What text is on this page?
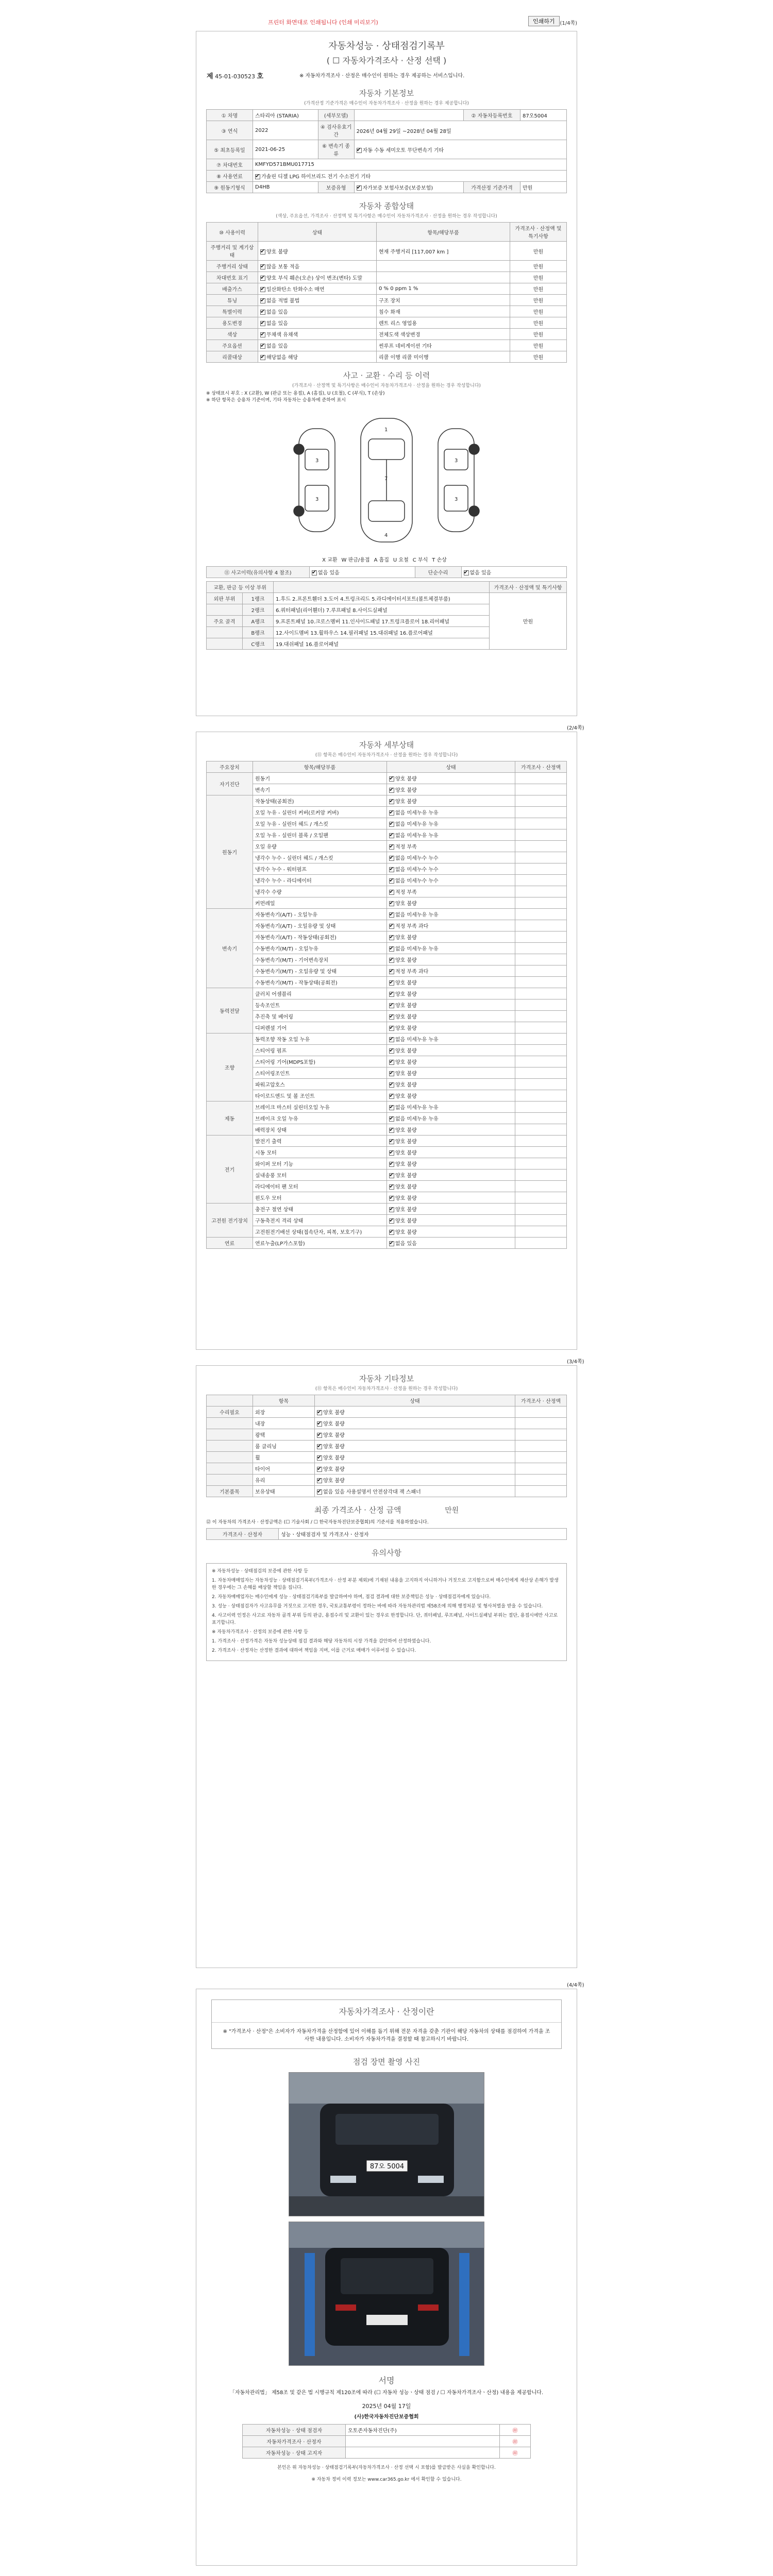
프린터 화면대로 인쇄됩니다 (인쇄 미리보기)	인쇄하기 (1/4쪽)
자동차성능 · 상태점검기록부
( ☐ 자동차가격조사 · 산정 선택 )
제 45-01-030523 호	※ 자동차가격조사 · 산정은 매수인이 원하는 경우 제공하는 서비스입니다.
자동차 기본정보
(가격산정 기준가격은 매수인이 자동차가격조사 · 산정을 원하는 경우 제공합니다)
① 차명	스타리아 (STARIA)	(세부모델)		② 자동차등록번호	87오5004
③ 연식	2022	④ 검사유효기간	2026년 04월 29일 ~2028년 04월 28일		
⑤ 최초등록일	2021-06-25	⑥ 변속기 종류	✔자동 수동 세미오토 무단변속기 기타
⑦ 차대번호	KMFYD571BMU017715				
⑧ 사용연료	✔가솔린 디젤 LPG 하이브리드 전기 수소전기 기타
⑨ 원동기형식	D4HB	보증유형	✔자가보증 보험사보증(보증보험)	가격산정 기준가격	만원
자동차 종합상태
(색상, 주요옵션, 가격조사 · 산정액 및 특기사항은 매수인이 자동차가격조사 · 산정을 원하는 경우 작성합니다)
⑩ 사용이력	상태	항목/해당부품	가격조사 · 산정액 및 특기사항
주행거리 및 계기상태	✔양호 불량	현재 주행거리 [117,007 km ]	만원
주행거리 상태	✔많음 보통 적음		만원
차대번호 표기	✔양호 부식 훼손(오손) 상이 변조(변타) 도말		만원
배출가스	✔일산화탄소 탄화수소 매연	0 % 0 ppm 1 %	만원
튜닝	✔없음 적법 불법	구조 장치	만원
특별이력	✔없음 있음	침수 화재	만원
용도변경	✔없음 있음	렌트 리스 영업용	만원
색상	✔무채색 유채색	전체도색 색상변경	만원
주요옵션	✔없음 있음	썬루프 네비게이션 기타	만원
리콜대상	✔해당없음 해당	리콜 이행 리콜 미이행	만원
사고 · 교환 · 수리 등 이력
(가격조사 · 산정액 및 특기사항은 매수인이 자동차가격조사 · 산정을 원하는 경우 작성합니다)
※ 상태표시 부호 : X (교환), W (판금 또는 용접), A (흠집), U (요철), C (부식), T (손상)
※ 하단 항목은 승용차 기준이며, 기타 자동차는 승용차에 준하여 표시
3
3
1
7
4
3
3
X 교환 W 판금/용접 A 흠집 U 요철 C 부식 T 손상
⑪ 사고이력(유의사항 4 참조)	✔없음 있음	단순수리	✔없음 있음
교환, 판금 등 이상 부위			가격조사 · 산정액 및 특기사항
외판 부위	1랭크	1.후드 2.프론트휀더 3.도어 4.트렁크리드 5.라디에이터서포트(볼트체결부품)	만원
	2랭크	6.쿼터패널(리어휀더) 7.루프패널 8.사이드실패널	
주요 골격	A랭크	9.프론트패널 10.크로스멤버 11.인사이드패널 17.트렁크플로어 18.리어패널	
	B랭크	12.사이드멤버 13.휠하우스 14.필러패널 15.대쉬패널 16.플로어패널	
	C랭크	19.대쉬패널 16.플로어패널	
(2/4쪽)
자동차 세부상태
(⑪ 항목은 매수인이 자동차가격조사 · 산정을 원하는 경우 작성합니다)
주요장치	항목/해당부품	상태	가격조사 · 산정액
자기진단	원동기	✔양호 불량	
	변속기	✔양호 불량	
원동기	작동상태(공회전)	✔양호 불량	
	오일 누유 - 실린더 커버(로커암 커버)	✔없음 미세누유 누유	
	오일 누유 - 실린더 헤드 / 개스킷	✔없음 미세누유 누유	
	오일 누유 - 실린더 블록 / 오일팬	✔없음 미세누유 누유	
	오일 유량	✔적정 부족	
	냉각수 누수 - 실린더 헤드 / 개스킷	✔없음 미세누수 누수	
	냉각수 누수 - 워터펌프	✔없음 미세누수 누수	
	냉각수 누수 - 라디에이터	✔없음 미세누수 누수	
	냉각수 수량	✔적정 부족	
	커먼레일	✔양호 불량	
변속기	자동변속기(A/T) - 오일누유	✔없음 미세누유 누유	
	자동변속기(A/T) - 오일유량 및 상태	✔적정 부족 과다	
	자동변속기(A/T) - 작동상태(공회전)	✔양호 불량	
	수동변속기(M/T) - 오일누유	✔없음 미세누유 누유	
	수동변속기(M/T) - 기어변속장치	✔양호 불량	
	수동변속기(M/T) - 오일유량 및 상태	✔적정 부족 과다	
	수동변속기(M/T) - 작동상태(공회전)	✔양호 불량	
동력전달	클러치 어셈블리	✔양호 불량	
	등속조인트	✔양호 불량	
	추진축 및 베어링	✔양호 불량	
	디퍼렌셜 기어	✔양호 불량	
조향	동력조향 작동 오일 누유	✔없음 미세누유 누유	
	스티어링 펌프	✔양호 불량	
	스티어링 기어(MDPS포함)	✔양호 불량	
	스티어링조인트	✔양호 불량	
	파워고압호스	✔양호 불량	
	타이로드엔드 및 볼 조인트	✔양호 불량	
제동	브레이크 마스터 실린더오일 누유	✔없음 미세누유 누유	
	브레이크 오일 누유	✔없음 미세누유 누유	
	배력장치 상태	✔양호 불량	
전기	발전기 출력	✔양호 불량	
	시동 모터	✔양호 불량	
	와이퍼 모터 기능	✔양호 불량	
	실내송풍 모터	✔양호 불량	
	라디에이터 팬 모터	✔양호 불량	
	윈도우 모터	✔양호 불량	
고전원 전기장치	충전구 절연 상태	✔양호 불량	
	구동축전지 격리 상태	✔양호 불량	
	고전원전기배선 상태(접속단자, 피복, 보호기구)	✔양호 불량	
연료	연료누출(LP가스포함)	✔없음 있음	
(3/4쪽)
자동차 기타정보
(⑪ 항목은 매수인이 자동차가격조사 · 산정을 원하는 경우 작성합니다)
	항목	상태	가격조사 · 산정액
수리필요	외장	✔양호 불량	
	내장	✔양호 불량	
	광택	✔양호 불량	
	룸 클리닝	✔양호 불량	
	휠	✔양호 불량	
	타이어	✔양호 불량	
	유리	✔양호 불량	
기본품목	보유상태	✔없음 있음 사용설명서 안전삼각대 잭 스패너	
최종 가격조사 · 산정 금액	만원
⑫ 이 자동차의 가격조사 · 산정금액은 (☐ 기술사회 / ☐ 한국자동차진단보증협회)의 기준서를 적용하였습니다.
가격조사 · 산정자	성능ㆍ상태점검자 및 가격조사ㆍ산정자
유의사항

※ 자동차성능 · 상태점검의 보증에 관한 사항 등

1. 자동차매매업자는 자동차성능 · 상태점검기록부(가격조사 · 산정 부분 제외)에 기재된 내용을 고지하지 아니하거나 거짓으로 고지함으로써 매수인에게 재산상 손해가 발생한 경우에는 그 손해를 배상할 책임을 집니다.

2. 자동차매매업자는 매수인에게 성능 · 상태점검기록부를 발급하여야 하며, 점검 결과에 대한 보증책임은 성능 · 상태점검자에게 있습니다.

3. 성능 · 상태점검자가 사고유무를 거짓으로 고지한 경우, 국토교통부령이 정하는 바에 따라 자동차관리법 제58조에 의해 행정처분 및 형사처벌을 받을 수 있습니다.

4. 사고이력 인정은 사고로 자동차 골격 부위 등의 판금, 용접수리 및 교환이 있는 경우로 한정합니다. 단, 쿼터패널, 루프패널, 사이드실패널 부위는 절단, 용접시에만 사고로 표기합니다.

※ 자동차가격조사 · 산정의 보증에 관한 사항 등

1. 가격조사 · 산정가격은 자동차 성능상태 점검 결과와 해당 자동차의 시장 가격을 감안하여 산정하였습니다.

2. 가격조사 · 산정자는 산정한 결과에 대하여 책임을 지며, 이를 근거로 매매가 이루어질 수 있습니다.

(4/4쪽)
자동차가격조사 · 산정이란
※ "가격조사 · 산정"은 소비자가 자동차가격을 산정함에 있어 이해를 돕기 위해 전문 자격을 갖춘 기관이 해당 자동차의 상태를 점검하여 가격을 조사한 내용입니다. 소비자가 자동차가격을 결정할 때 참고하시기 바랍니다.
점검 장면 촬영 사진
87오 5004
서명
「자동차관리법」 제58조 및 같은 법 시행규칙 제120조에 따라 (☐ 자동차 성능ㆍ상태 점검 / ☐ 자동차가격조사ㆍ산정) 내용을 제공합니다.
2025년 04월 17일
(사)한국자동차진단보증협회
자동차성능 · 상태 점검자	오토존자동차진단(주)	㊞
자동차가격조사 · 산정자		㊞
자동차성능 · 상태 고지자		㊞
본인은 위 자동차성능 · 상태점검기록부(자동차가격조사 · 산정 선택 시 포함)를 발급받은 사실을 확인합니다.
※ 자동차 정비 이력 정보는 www.car365.go.kr 에서 확인할 수 있습니다.
